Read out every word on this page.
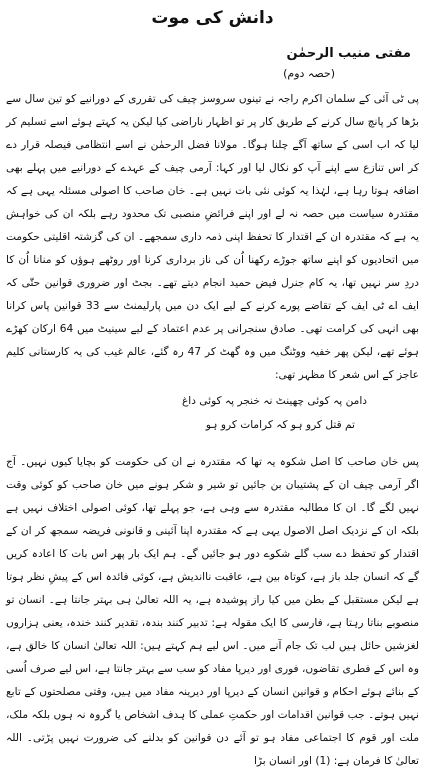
دانش کی موت
مفتی منیب الرحمٰن
(حصہ دوم)

پی ٹی آئی کے سلمان اکرم راجہ نے تینوں سروسز چیف کی تقرری کے دورانیے کو تین سال سے بڑھا کر پانچ سال کرنے کے طریق کار پر تو اظہار ناراضی کیا لیکن یہ کہتے ہوئے اسے تسلیم کر لیا کہ اب اسی کے ساتھ آگے چلنا ہوگا۔ مولانا فضل الرحمٰن نے اسے انتظامی فیصلہ قرار دے کر اس تنازع سے اپنے آپ کو نکال لیا اور کہا: آرمی چیف کے عہدے کے دورانیے میں پہلے بھی اضافہ ہوتا رہا ہے، لہٰذا یہ کوئی نئی بات نہیں ہے۔ خان صاحب کا اصولی مسئلہ یہی ہے کہ مقتدرہ سیاست میں حصہ نہ لے اور اپنے فرائضِ منصبی تک محدود رہے بلکہ ان کی خواہش یہ ہے کہ مقتدرہ ان کے اقتدار کا تحفظ اپنی ذمہ داری سمجھے۔ ان کی گزشتہ اقلیتی حکومت میں اتحادیوں کو اپنے ساتھ جوڑے رکھنا اُن کی ناز برداری کرنا اور روٹھے ہوؤں کو منانا اُن کا دردِ سر نہیں تھا، یہ کام جنرل فیض حمید انجام دیتے تھے۔ بجٹ اور ضروری قوانین حتّٰی کہ ایف اے ٹی ایف کے تقاضے پورے کرنے کے لیے ایک دن میں پارلیمنٹ سے 33 قوانین پاس کرانا بھی انہی کی کرامت تھی۔ صادق سنجرانی پر عدم اعتماد کے لیے سینیٹ میں 64 ارکان کھڑے ہوئے تھے، لیکن پھر خفیہ ووٹنگ میں وہ گھٹ کر 47 رہ گئے، عالم غیب کی یہ کارستانی کلیم عاجز کے اس شعر کا مظہر تھی:

دامن پہ کوئی چھینٹ نہ خنجر پہ کوئی داغ

تم قتل کرو ہو کہ کرامات کرو ہو

پس خان صاحب کا اصل شکوہ یہ تھا کہ مقتدرہ نے ان کی حکومت کو بچایا کیوں نہیں۔ آج اگر آرمی چیف ان کے پشتیبان بن جائیں تو شیر و شکر ہونے میں خان صاحب کو کوئی وقت نہیں لگے گا۔ ان کا مطالبہ مقتدرہ سے وہی ہے، جو پہلے تھا، کوئی اصولی اختلاف نہیں ہے بلکہ ان کے نزدیک اصل الاصول یہی ہے کہ مقتدرہ اپنا آئینی و قانونی فریضہ سمجھ کر ان کے اقتدار کو تحفظ دے سب گلے شکوے دور ہو جائیں گے۔ ہم ایک بار پھر اس بات کا اعادہ کریں گے کہ انسان جلد باز ہے، کوتاہ بین ہے، عاقبت نااندیش ہے، کوئی فائدہ اس کے پیشِ نظر ہوتا ہے لیکن مستقبل کے بطن میں کیا راز پوشیدہ ہے، یہ اللہ تعالیٰ ہی بہتر جانتا ہے۔ انسان تو منصوبے بناتا رہتا ہے، فارسی کا ایک مقولہ ہے: تدبیر کنند بندہ، تقدیر کنند خندہ، یعنی ہزاروں لغزشیں حائل ہیں لب تک جام آنے میں۔ اس لیے ہم کہتے ہیں: اللہ تعالیٰ انسان کا خالق ہے، وہ اس کے فطری تقاضوں، فوری اور دیرپا مفاد کو سب سے بہتر جانتا ہے، اس لیے صرف اُسی کے بنائے ہوئے احکام و قوانین انسان کے دیرپا اور دیرینہ مفاد میں ہیں، وقتی مصلحتوں کے تابع نہیں ہوتے۔ جب قوانین اقدامات اور حکمتِ عملی کا ہدف اشخاص یا گروہ نہ ہوں بلکہ ملک، ملت اور قوم کا اجتماعی مفاد ہو تو آئے دن قوانین کو بدلنے کی ضرورت نہیں پڑتی۔ اللہ تعالیٰ کا فرمان ہے: (1) اور انسان بڑا
